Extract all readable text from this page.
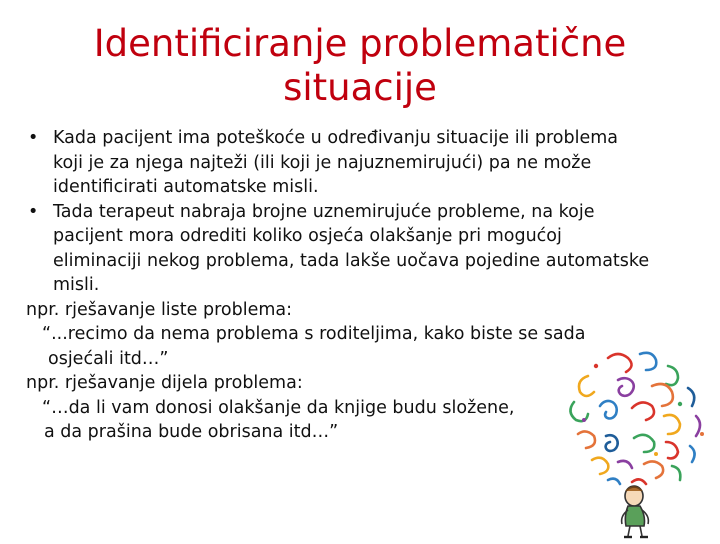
Identificiranje problematične
situacije
• Kada pacijent ima poteškoće u određivanju situacije ili problema
koji je za njega najteži (ili koji je najuznemirujući) pa ne može
identificirati automatske misli.
• Tada terapeut nabraja brojne uznemirujuće probleme, na koje
pacijent mora odrediti koliko osjeća olakšanje pri mogućoj
eliminaciji nekog problema, tada lakše uočava pojedine automatske
misli.
npr. rješavanje liste problema:
“...recimo da nema problema s roditeljima, kako biste se sada
osjećali itd…”
npr. rješavanje dijela problema:
“…da li vam donosi olakšanje da knjige budu složene,
a da prašina bude obrisana itd…”
